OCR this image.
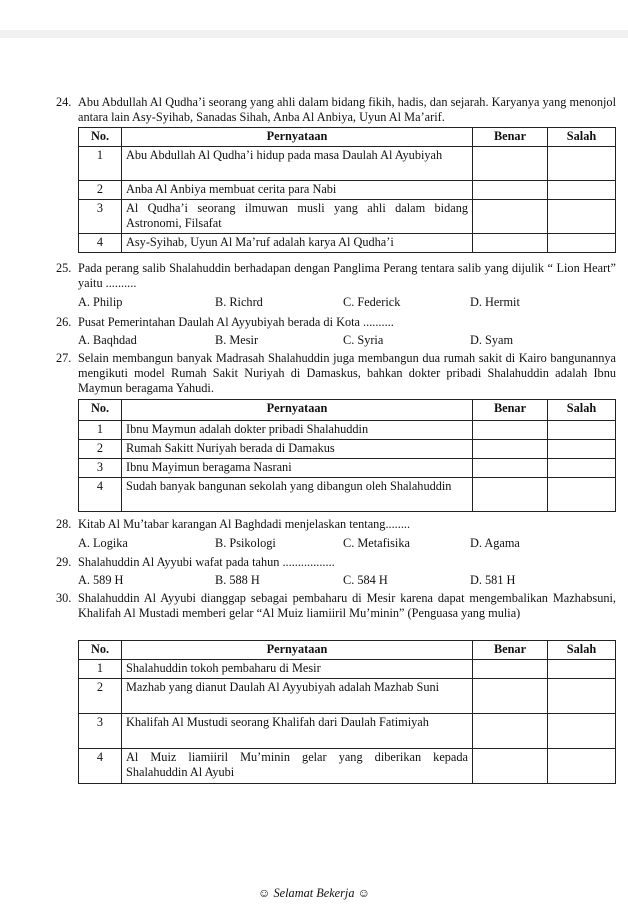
24. Abu Abdullah Al Qudha’i seorang yang ahli dalam bidang fikih, hadis, dan sejarah. Karyanya yang menonjol antara lain Asy-Syihab, Sanadas Sihah, Anba Al Anbiya, Uyun Al Ma’arif.
No.	Pernyataan	Benar	Salah
1	Abu Abdullah Al Qudha’i hidup pada masa Daulah Al Ayubiyah		
2	Anba Al Anbiya membuat cerita para Nabi		
3	Al Qudha’i seorang ilmuwan musli yang ahli dalam bidang Astronomi, Filsafat		
4	Asy-Syihab, Uyun Al Ma’ruf adalah karya Al Qudha’i		
25. Pada perang salib Shalahuddin berhadapan dengan Panglima Perang tentara salib yang dijulik “ Lion Heart” yaitu ..........
A. Philip	B. Richrd	C. Federick	D. Hermit
26. Pusat Pemerintahan Daulah Al Ayyubiyah berada di Kota ..........
A. Baqhdad	B. Mesir	C. Syria	D. Syam
27. Selain membangun banyak Madrasah Shalahuddin juga membangun dua rumah sakit di Kairo bangunannya mengikuti model Rumah Sakit Nuriyah di Damaskus, bahkan dokter pribadi Shalahuddin adalah Ibnu Maymun beragama Yahudi.
No.	Pernyataan	Benar	Salah
1	Ibnu Maymun adalah dokter pribadi Shalahuddin		
2	Rumah Sakitt Nuriyah berada di Damakus		
3	Ibnu Mayimun beragama Nasrani		
4	Sudah banyak bangunan sekolah yang dibangun oleh Shalahuddin		
28. Kitab Al Mu’tabar karangan Al Baghdadi menjelaskan tentang........
A. Logika	B. Psikologi	C. Metafisika	D. Agama
29. Shalahuddin Al Ayyubi wafat pada tahun .................
A. 589 H	B. 588 H	C. 584 H	D. 581 H
30. Shalahuddin Al Ayyubi dianggap sebagai pembaharu di Mesir karena dapat mengembalikan Mazhabsuni, Khalifah Al Mustadi memberi gelar “Al Muiz liamiiril Mu’minin” (Penguasa yang mulia)
No.	Pernyataan	Benar	Salah
1	Shalahuddin tokoh pembaharu di Mesir		
2	Mazhab yang dianut Daulah Al Ayyubiyah adalah Mazhab Suni		
3	Khalifah Al Mustudi seorang Khalifah dari Daulah Fatimiyah		
4	Al Muiz liamiiril Mu’minin gelar yang diberikan kepada Shalahuddin Al Ayubi		
☺ Selamat Bekerja ☺
